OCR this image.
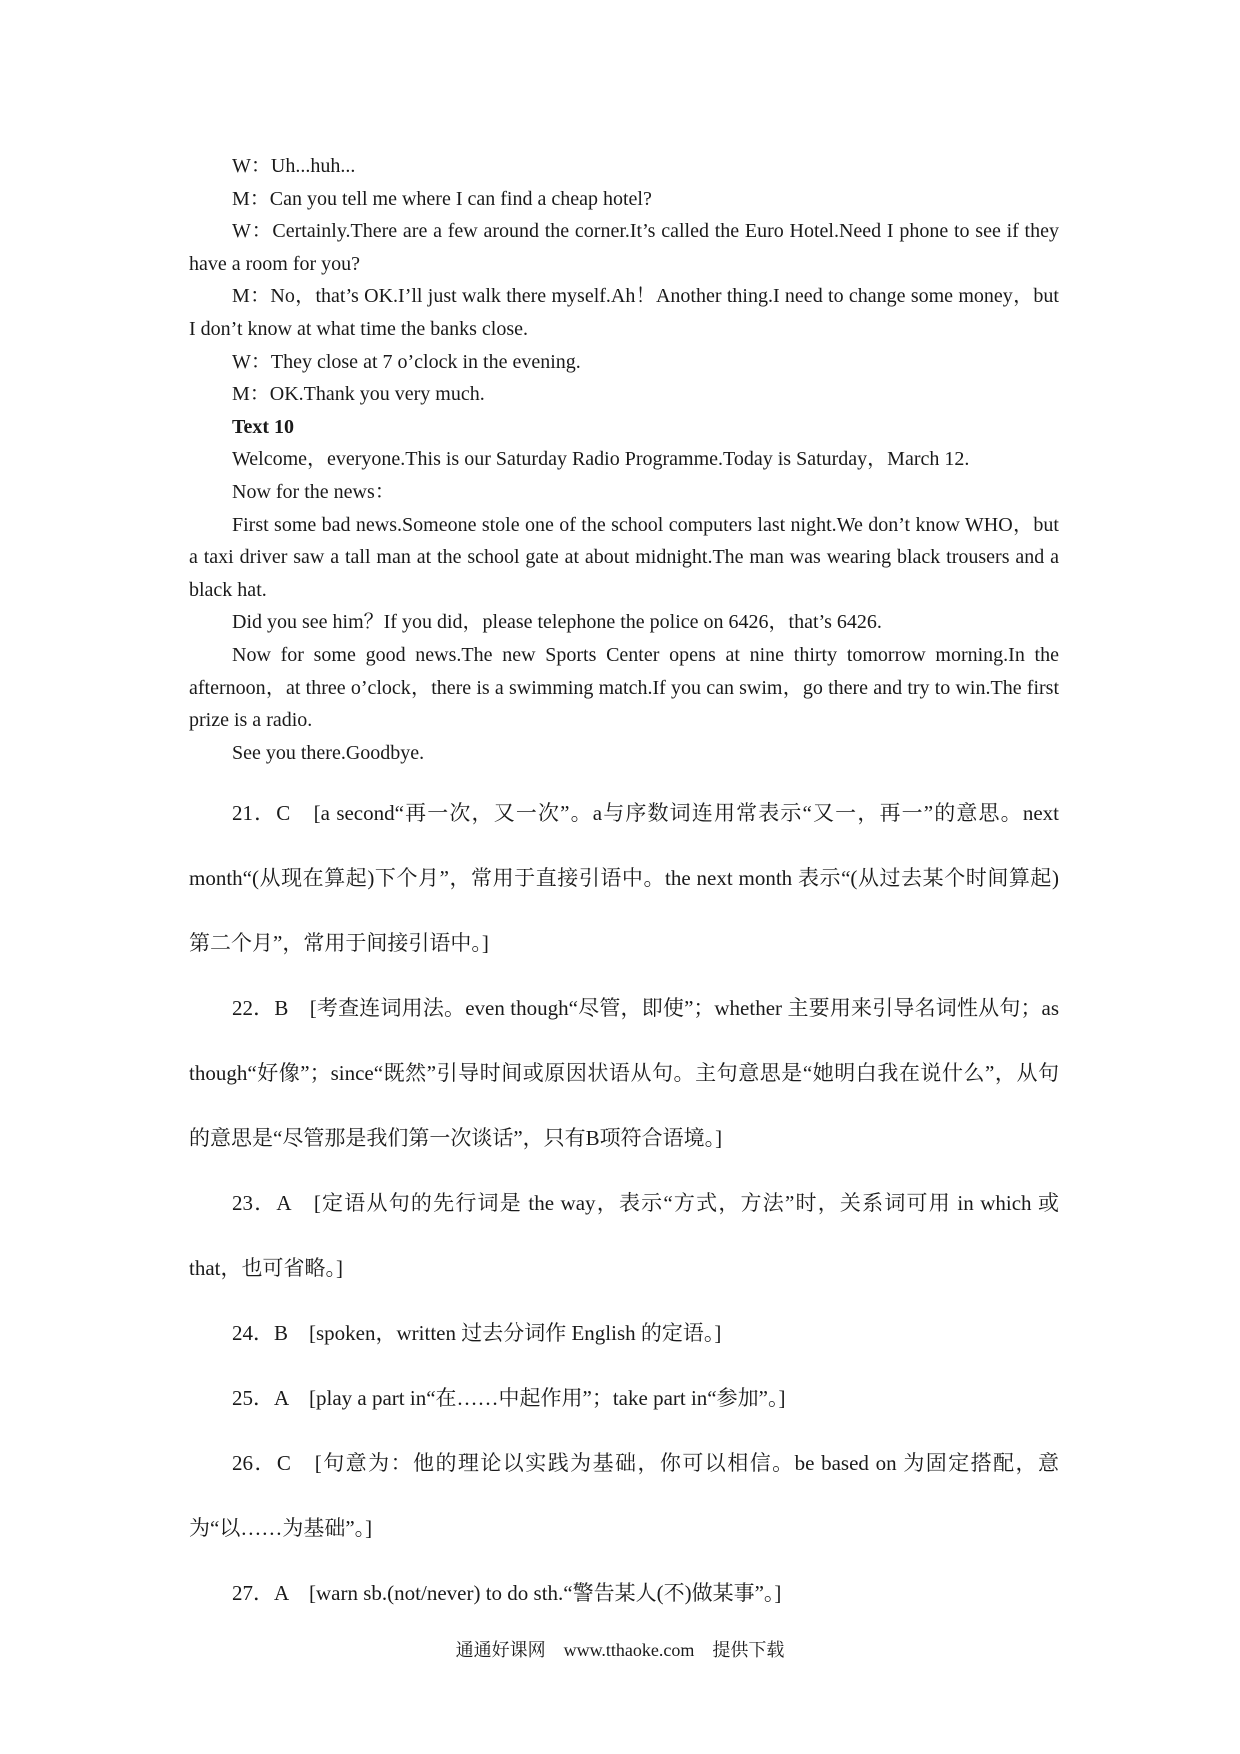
W：Uh...huh...

M：Can you tell me where I can find a cheap hotel?

W：Certainly.There are a few around the corner.It’s called the Euro Hotel.Need I phone to see if they have a room for you?

M：No，that’s OK.I’ll just walk there myself.Ah！Another thing.I need to change some money，but I don’t know at what time the banks close.

W：They close at 7 o’clock in the evening.

M：OK.Thank you very much.

Text 10

Welcome，everyone.This is our Saturday Radio Programme.Today is Saturday，March 12.

Now for the news：

First some bad news.Someone stole one of the school computers last night.We don’t know WHO，but a taxi driver saw a tall man at the school gate at about midnight.The man was wearing black trousers and a black hat.

Did you see him？If you did，please telephone the police on 6426，that’s 6426.

Now for some good news.The new Sports Center opens at nine thirty tomorrow morning.In the afternoon，at three o’clock，there is a swimming match.If you can swim，go there and try to win.The first prize is a radio.

See you there.Goodbye.

21．C　[a second“再一次，又一次”。a与序数词连用常表示“又一，再一”的意思。next month“(从现在算起)下个月”，常用于直接引语中。the next month 表示“(从过去某个时间算起)第二个月”，常用于间接引语中。]

22．B　[考查连词用法。even though“尽管，即使”；whether 主要用来引导名词性从句；as though“好像”；since“既然”引导时间或原因状语从句。主句意思是“她明白我在说什么”，从句的意思是“尽管那是我们第一次谈话”，只有B项符合语境。]

23．A　[定语从句的先行词是 the way，表示“方式，方法”时，关系词可用 in which 或 that，也可省略。]

24．B　[spoken，written 过去分词作 English 的定语。]

25．A　[play a part in“在……中起作用”；take part in“参加”。]

26．C　[句意为：他的理论以实践为基础，你可以相信。be based on 为固定搭配，意为“以……为基础”。]

27．A　[warn sb.(not/never) to do sth.“警告某人(不)做某事”。]

通通好课网　www.tthaoke.com　提供下载
